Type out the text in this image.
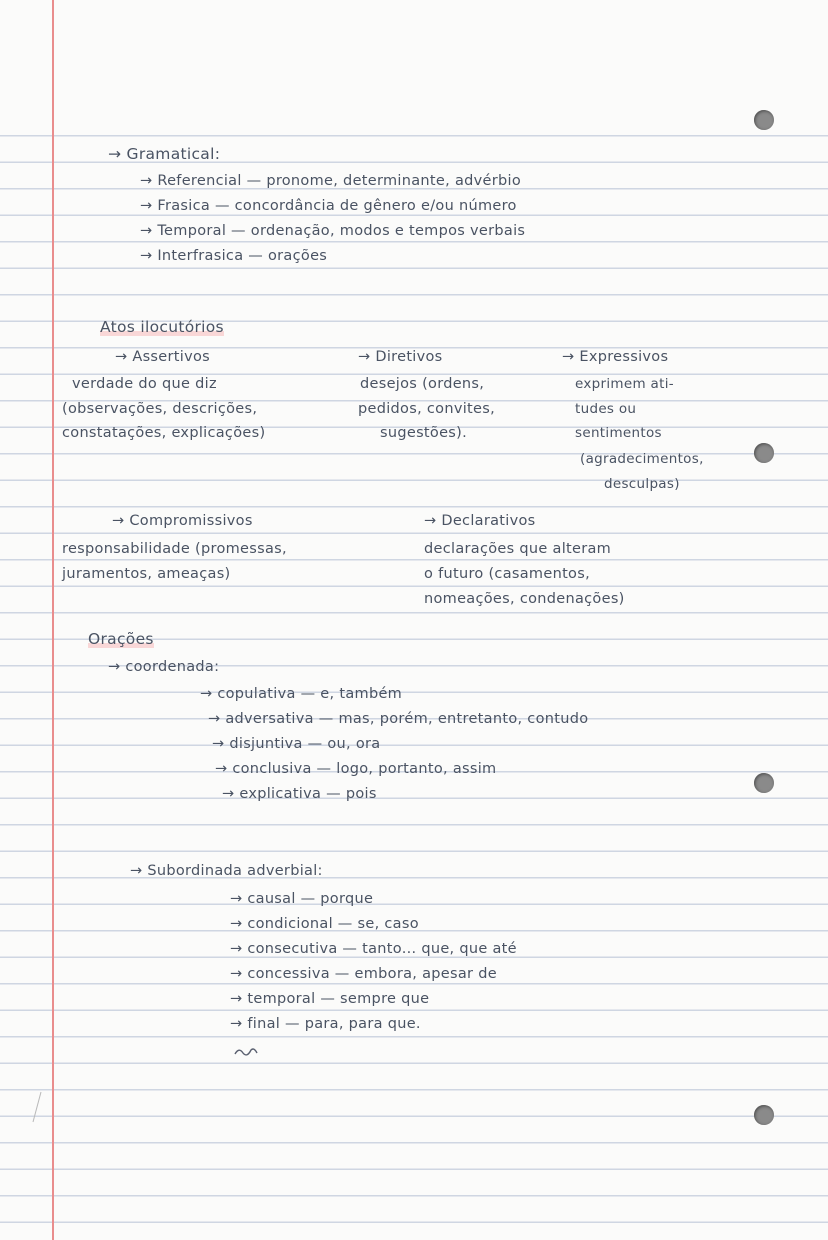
→ Gramatical:
→ Referencial — pronome, determinante, advérbio
→ Frasica — concordância de gênero e/ou número
→ Temporal — ordenação, modos e tempos verbais
→ Interfrasica — orações
Atos ilocutórios
→ Assertivos
verdade do que diz
(observações, descrições,
constatações, explicações)
→ Diretivos
desejos (ordens,
pedidos, convites,
sugestões).
→ Expressivos
exprimem ati-
tudes ou
sentimentos
(agradecimentos,
desculpas)
→ Compromissivos
responsabilidade (promessas,
juramentos, ameaças)
→ Declarativos
declarações que alteram
o futuro (casamentos,
nomeações, condenações)
Orações
→ coordenada:
→ copulativa — e, também
→ adversativa — mas, porém, entretanto, contudo
→ disjuntiva — ou, ora
→ conclusiva — logo, portanto, assim
→ explicativa — pois
→ Subordinada adverbial:
→ causal — porque
→ condicional — se, caso
→ consecutiva — tanto... que, que até
→ concessiva — embora, apesar de
→ temporal — sempre que
→ final — para, para que.
